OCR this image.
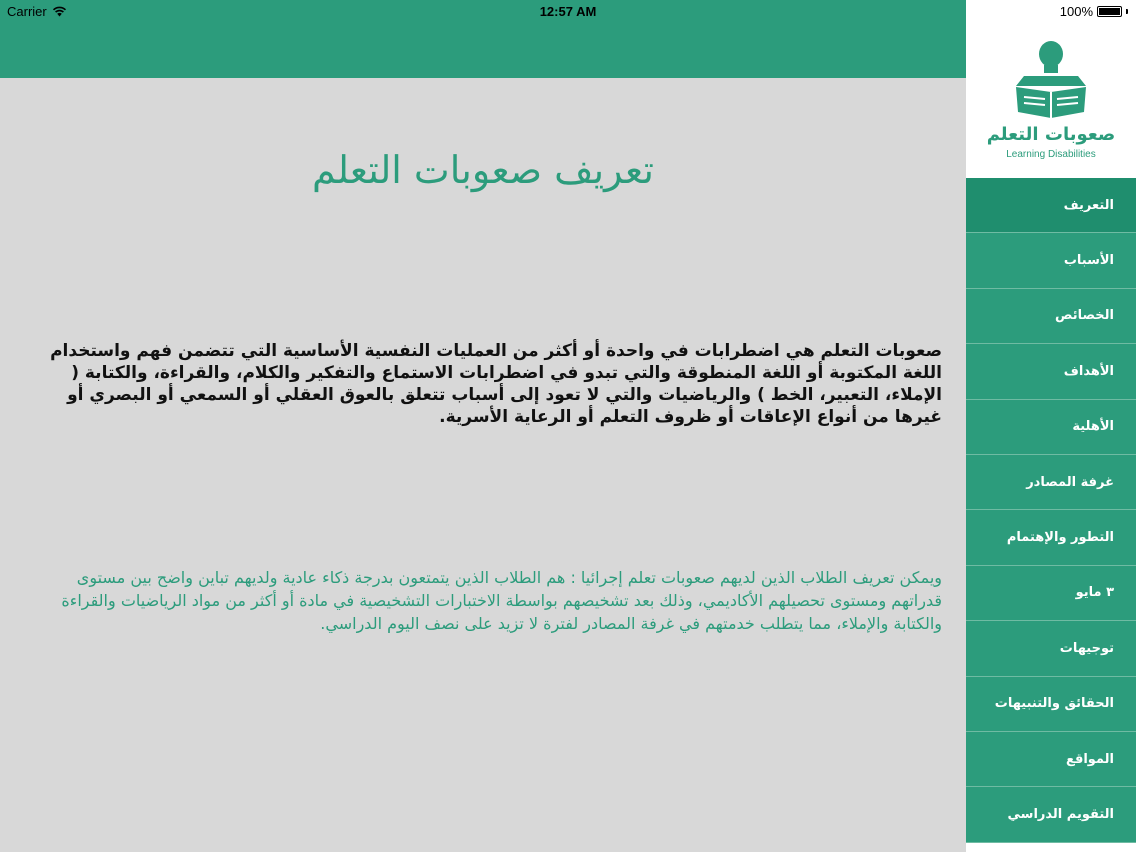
تعريف صعوبات التعلم

صعوبات التعلم هي اضطرابات في واحدة أو أكثر من العمليات النفسية الأساسية التي تتضمن فهم واستخدام اللغة المكتوبة أو اللغة المنطوقة والتي تبدو في اضطرابات الاستماع والتفكير والكلام، والقراءة، والكتابة ( الإملاء، التعبير، الخط ) والرياضيات والتي لا تعود إلى أسباب تتعلق بالعوق العقلي أو السمعي أو البصري أو غيرها من أنواع الإعاقات أو ظروف التعلم أو الرعاية الأسرية.

ويمكن تعريف الطلاب الذين لديهم صعوبات تعلم إجرائيا : هم الطلاب الذين يتمتعون بدرجة ذكاء عادية ولديهم تباين واضح بين مستوى قدراتهم ومستوى تحصيلهم الأكاديمي، وذلك بعد تشخيصهم بواسطة الاختبارات التشخيصية في مادة أو أكثر من مواد الرياضيات والقراءة والكتابة والإملاء، مما يتطلب خدمتهم في غرفة المصادر لفترة لا تزيد على نصف اليوم الدراسي.

Carrier	12:57 AM	100%
صعوبات التعلم
Learning Disabilities
التعريف
الأسباب
الخصائص
الأهداف
الأهلية
غرفة المصادر
التطور والإهتمام
٣ مايو
توجيهات
الحقائق والتنبيهات
المواقع
التقويم الدراسي
